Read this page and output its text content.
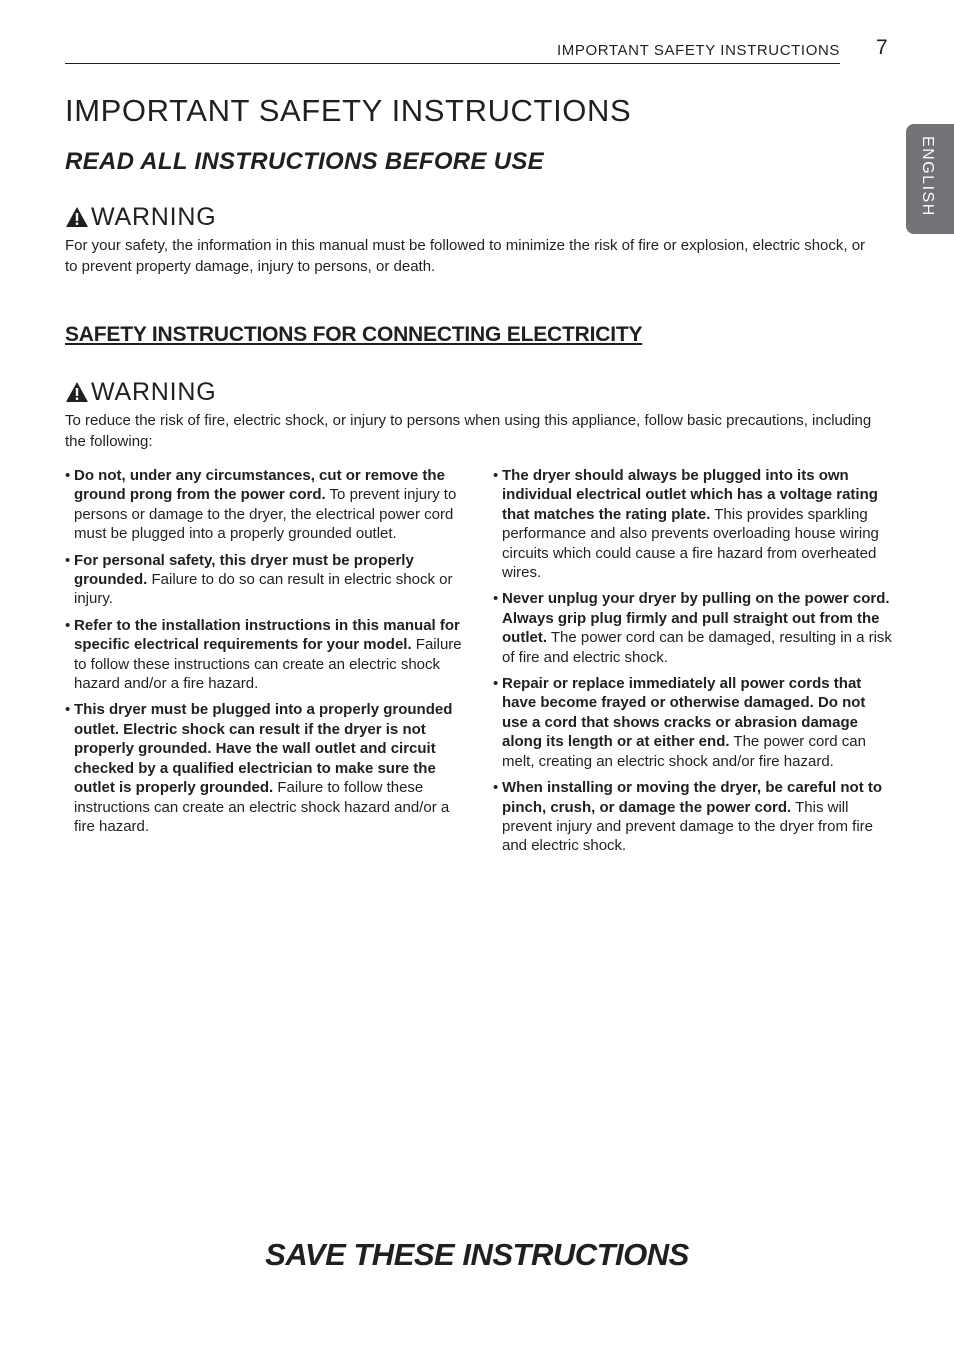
IMPORTANT SAFETY INSTRUCTIONS 7
ENGLISH
IMPORTANT SAFETY INSTRUCTIONS
READ ALL INSTRUCTIONS BEFORE USE
WARNING

For your safety, the information in this manual must be followed to minimize the risk of fire or explosion, electric shock, or to prevent property damage, injury to persons, or death.

SAFETY INSTRUCTIONS FOR CONNECTING ELECTRICITY
WARNING

To reduce the risk of fire, electric shock, or injury to persons when using this appliance, follow basic precautions, including the following:

• Do not, under any circumstances, cut or remove the ground prong from the power cord. To prevent injury to persons or damage to the dryer, the electrical power cord must be plugged into a properly grounded outlet.
• For personal safety, this dryer must be properly grounded. Failure to do so can result in electric shock or injury.
• Refer to the installation instructions in this manual for specific electrical requirements for your model. Failure to follow these instructions can create an electric shock hazard and/or a fire hazard.
• This dryer must be plugged into a properly grounded outlet. Electric shock can result if the dryer is not properly grounded. Have the wall outlet and circuit checked by a qualified electrician to make sure the outlet is properly grounded. Failure to follow these instructions can create an electric shock hazard and/or a fire hazard.
• The dryer should always be plugged into its own individual electrical outlet which has a voltage rating that matches the rating plate. This provides sparkling performance and also prevents overloading house wiring circuits which could cause a fire hazard from overheated wires.
• Never unplug your dryer by pulling on the power cord. Always grip plug firmly and pull straight out from the outlet. The power cord can be damaged, resulting in a risk of fire and electric shock.
• Repair or replace immediately all power cords that have become frayed or otherwise damaged. Do not use a cord that shows cracks or abrasion damage along its length or at either end. The power cord can melt, creating an electric shock and/or fire hazard.
• When installing or moving the dryer, be careful not to pinch, crush, or damage the power cord. This will prevent injury and prevent damage to the dryer from fire and electric shock.

SAVE THESE INSTRUCTIONS
